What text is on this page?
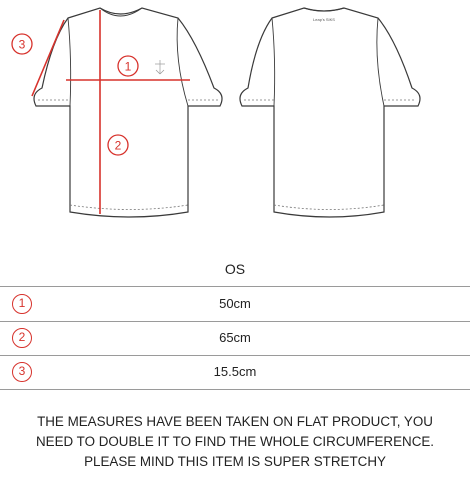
1
2
3
Leap's SIKS
OS
1	50cm
2	65cm
3	15.5cm
THE MEASURES HAVE BEEN TAKEN ON FLAT PRODUCT, YOU
NEED TO DOUBLE IT TO FIND THE WHOLE CIRCUMFERENCE.
PLEASE MIND THIS ITEM IS SUPER STRETCHY
